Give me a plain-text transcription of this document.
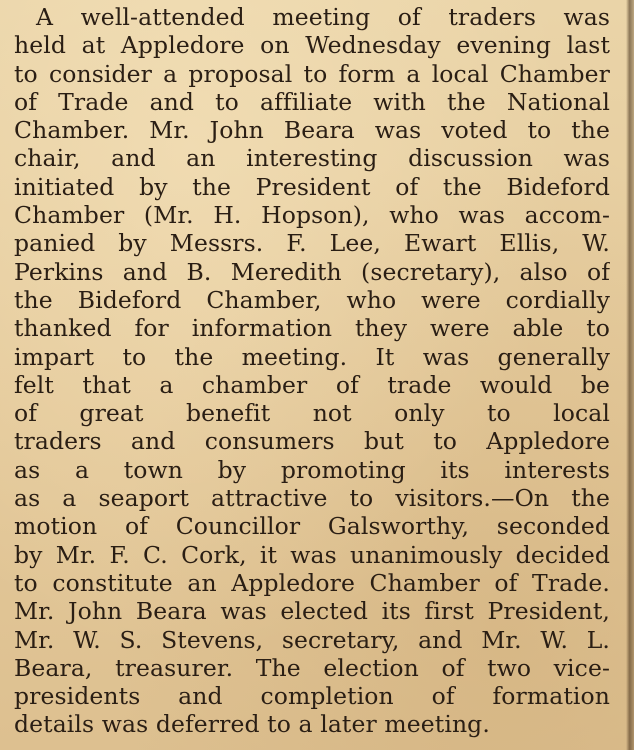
A well-attended meeting of traders was
held at Appledore on Wednesday evening last
to consider a proposal to form a local Chamber
of Trade and to affiliate with the National
Chamber. Mr. John Beara was voted to the
chair, and an interesting discussion was
initiated by the President of the Bideford
Chamber (Mr. H. Hopson), who was accom-
panied by Messrs. F. Lee, Ewart Ellis, W.
Perkins and B. Meredith (secretary), also of
the Bideford Chamber, who were cordially
thanked for information they were able to
impart to the meeting. It was generally
felt that a chamber of trade would be
of great benefit not only to local
traders and consumers but to Appledore
as a town by promoting its interests
as a seaport attractive to visitors.—On the
motion of Councillor Galsworthy, seconded
by Mr. F. C. Cork, it was unanimously decided
to constitute an Appledore Chamber of Trade.
Mr. John Beara was elected its first President,
Mr. W. S. Stevens, secretary, and Mr. W. L.
Beara, treasurer. The election of two vice-
presidents and completion of formation
details was deferred to a later meeting.
